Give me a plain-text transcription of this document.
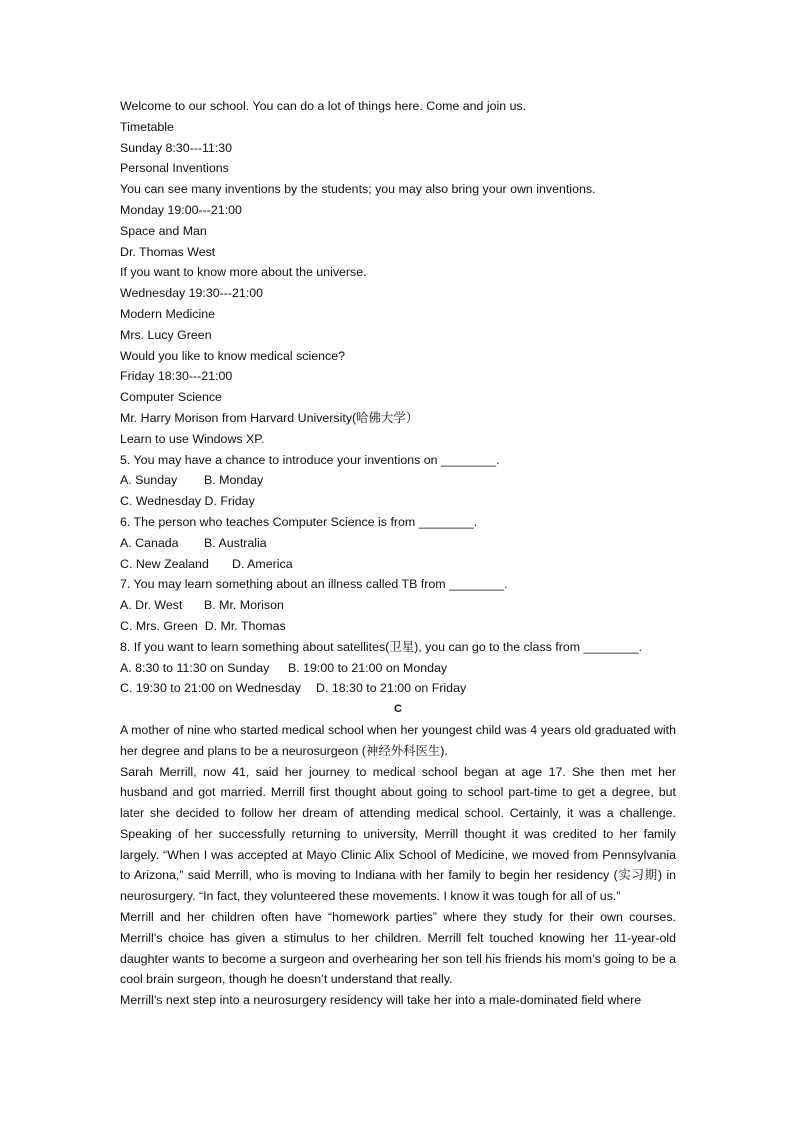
Welcome to our school. You can do a lot of things here. Come and join us.
Timetable
Sunday 8:30---11:30
Personal Inventions
You can see many inventions by the students; you may also bring your own inventions.
Monday 19:00---21:00
Space and Man
Dr. Thomas West
If you want to know more about the universe.
Wednesday 19:30---21:00
Modern Medicine
Mrs. Lucy Green
Would you like to know medical science?
Friday 18:30---21:00
Computer Science
Mr. Harry Morison from Harvard University(哈佛大学）
Learn to use Windows XP.
5. You may have a chance to introduce your inventions on ________.
A. Sunday B. Monday
C. Wednesday D. Friday
6. The person who teaches Computer Science is from ________.
A. Canada B. Australia
C. New Zealand D. America
7. You may learn something about an illness called TB from ________.
A. Dr. West B. Mr. Morison
C. Mrs. Green D. Mr. Thomas
8. If you want to learn something about satellites(卫星), you can go to the class from ________.
A. 8:30 to 11:30 on Sunday B. 19:00 to 21:00 on Monday
C. 19:30 to 21:00 on Wednesday D. 18:30 to 21:00 on Friday
C
A mother of nine who started medical school when her youngest child was 4 years old graduated with her degree and plans to be a neurosurgeon (神经外科医生).
Sarah Merrill, now 41, said her journey to medical school began at age 17. She then met her husband and got married. Merrill first thought about going to school part-time to get a degree, but later she decided to follow her dream of attending medical school. Certainly, it was a challenge. Speaking of her successfully returning to university, Merrill thought it was credited to her family largely. “When I was accepted at Mayo Clinic Alix School of Medicine, we moved from Pennsylvania to Arizona,” said Merrill, who is moving to Indiana with her family to begin her residency (实习期) in neurosurgery. “In fact, they volunteered these movements. I know it was tough for all of us.”
Merrill and her children often have “homework parties” where they study for their own courses. Merrill’s choice has given a stimulus to her children. Merrill felt touched knowing her 11-year-old daughter wants to become a surgeon and overhearing her son tell his friends his mom’s going to be a cool brain surgeon, though he doesn’t understand that really.
Merrill’s next step into a neurosurgery residency will take her into a male-dominated field where
